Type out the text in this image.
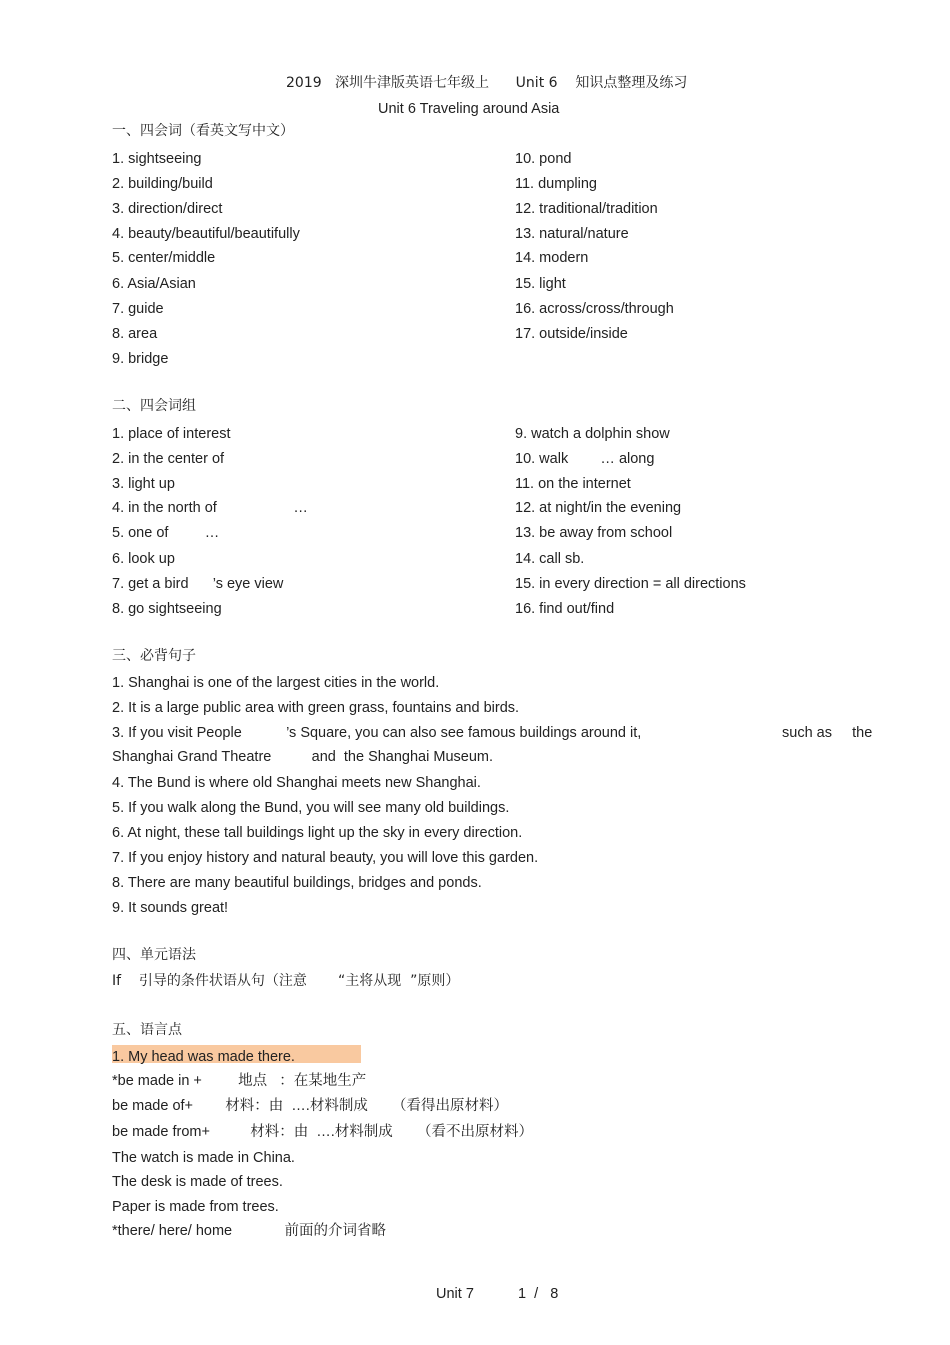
2019   深圳牛津版英语七年级上      Unit 6    知识点整理及练习
Unit 6 Traveling around Asia
一、四会词（看英文写中文）
1. sightseeing
2. building/build
3. direction/direct
4. beauty/beautiful/beautifully
5. center/middle
6. Asia/Asian
7. guide
8. area
9. bridge
10. pond
11. dumpling
12. traditional/tradition
13. natural/nature
14. modern
15. light
16. across/cross/through
17. outside/inside
二、四会词组
1. place of interest
2. in the center of
3. light up
4. in the north of                   …
5. one of         …
6. look up
7. get a bird      ’s eye view
8. go sightseeing
9. watch a dolphin show
10. walk        … along
11. on the internet
12. at night/in the evening
13. be away from school
14. call sb.
15. in every direction = all directions
16. find out/find
三、必背句子
1. Shanghai is one of the largest cities in the world.
2. It is a large public area with green grass, fountains and birds.
3. If you visit People           ’s Square, you can also see famous buildings around it,	such as     the
Shanghai Grand Theatre          and  the Shanghai Museum.
4. The Bund is where old Shanghai meets new Shanghai.
5. If you walk along the Bund, you will see many old buildings.
6. At night, these tall buildings light up the sky in every direction.
7. If you enjoy history and natural beauty, you will love this garden.
8. There are many beautiful buildings, bridges and ponds.
9. It sounds great!
四、单元语法
If    引导的条件状语从句（注意       “主将从现  ”原则）
五、语言点
1. My head was made there.
*be made in +         地点   ：在某地生产
be made of+        材料：由  ….材料制成      （看得出原材料）
be made from+          材料：由  ….材料制成      （看不出原材料）
The watch is made in China.
The desk is made of trees.
Paper is made from trees.
*there/ here/ home             前面的介词省略
Unit 7	1  /   8
